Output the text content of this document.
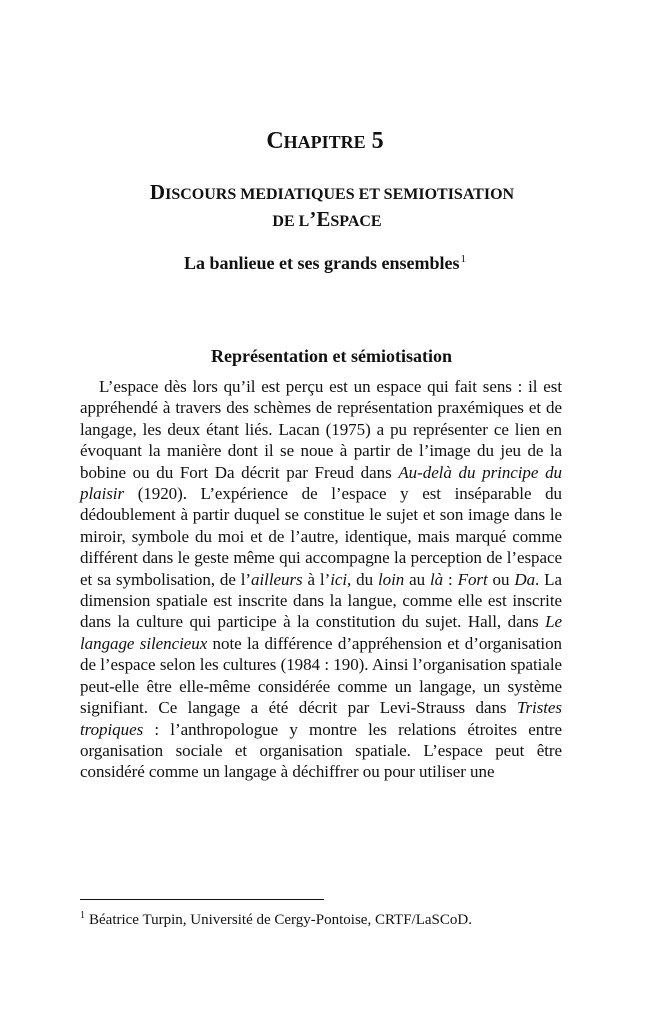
CHAPITRE 5
DISCOURS MEDIATIQUES ET SEMIOTISATION
DE L’ESPACE
La banlieue et ses grands ensembles$^1$
Représentation et sémiotisation

L’espace dès lors qu’il est perçu est un espace qui fait sens : il est appréhendé à travers des schèmes de représentation praxémiques et de langage, les deux étant liés. Lacan (1975) a pu représenter ce lien en évoquant la manière dont il se noue à partir de l’image du jeu de la bobine ou du Fort Da décrit par Freud dans Au-delà du principe du plaisir (1920). L’expérience de l’espace y est inséparable du dédoublement à partir duquel se constitue le sujet et son image dans le miroir, symbole du moi et de l’autre, identique, mais marqué comme différent dans le geste même qui accompagne la perception de l’espace et sa symbolisation, de l’ailleurs à l’ici, du loin au là : Fort ou Da. La dimension spatiale est inscrite dans la langue, comme elle est inscrite dans la culture qui participe à la constitution du sujet. Hall, dans Le langage silencieux note la différence d’appréhension et d’organisation de l’espace selon les cultures (1984 : 190). Ainsi l’organisation spatiale peut-elle être elle-même considérée comme un langage, un système signifiant. Ce langage a été décrit par Levi-Strauss dans Tristes tropiques : l’anthropologue y montre les relations étroites entre organisation sociale et organisation spatiale. L’espace peut être considéré comme un langage à déchiffrer ou pour utiliser une

$^1$ Béatrice Turpin, Université de Cergy-Pontoise, CRTF/LaSCoD.
